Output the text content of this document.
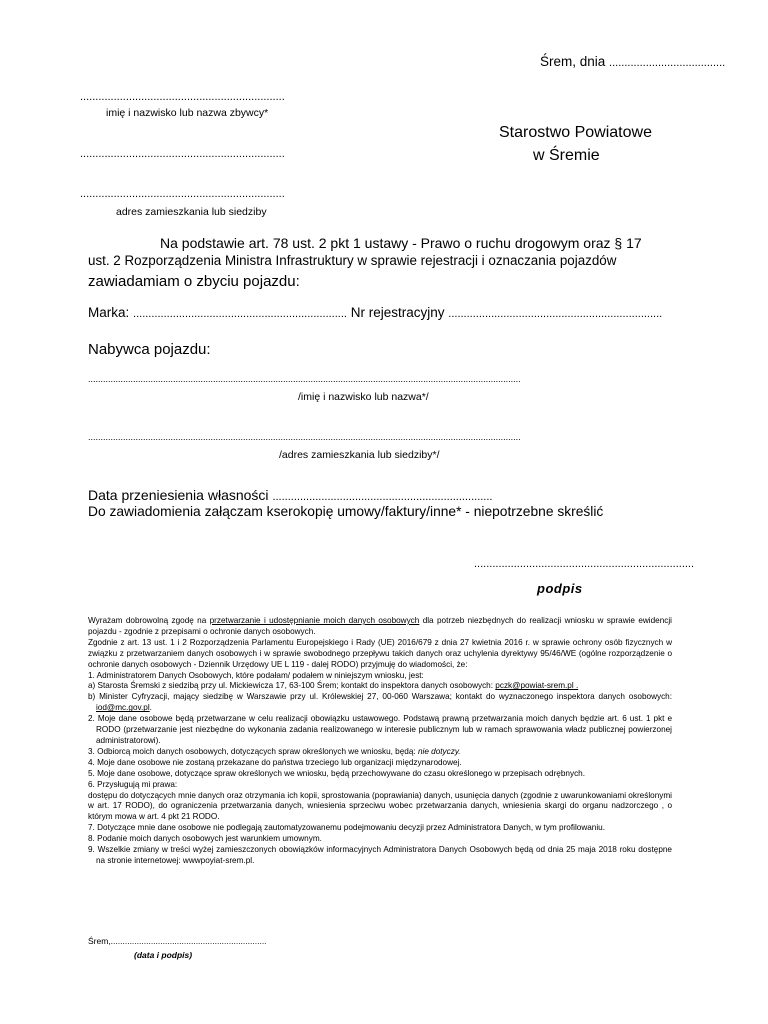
Śrem, dnia ......................................
...................................................................
imię i nazwisko lub nazwa zbywcy*
...................................................................
...................................................................
adres zamieszkania lub siedziby
Starostwo Powiatowe
w Śremie
Na podstawie art. 78 ust. 2 pkt 1 ustawy - Prawo o ruchu drogowym oraz § 17
ust. 2 Rozporządzenia Ministra Infrastruktury w sprawie rejestracji i oznaczania pojazdów
zawiadamiam o zbyciu pojazdu:
Marka: ...................................................................... Nr rejestracyjny ......................................................................
Nabywca pojazdu:
.............................................................................................................................................................................
/imię i nazwisko lub nazwa*/
.............................................................................................................................................................................
/adres zamieszkania lub siedziby*/
Data przeniesienia własności ........................................................................
Do zawiadomienia załączam kserokopię umowy/faktury/inne* - niepotrzebne skreślić
........................................................................
podpis

Wyrażam dobrowolną zgodę na przetwarzanie i udostępnianie moich danych osobowych dla potrzeb niezbędnych do realizacji wniosku w sprawie ewidencji pojazdu - zgodnie z przepisami o ochronie danych osobowych.

Zgodnie z art. 13 ust. 1 i 2 Rozporządzenia Parlamentu Europejskiego i Rady (UE) 2016/679 z dnia 27 kwietnia 2016 r. w sprawie ochrony osób fizycznych w związku z przetwarzaniem danych osobowych i w sprawie swobodnego przepływu takich danych oraz uchylenia dyrektywy 95/46/WE (ogólne rozporządzenie o ochronie danych osobowych - Dziennik Urzędowy UE L 119 - dalej RODO) przyjmuję do wiadomości, że:

1. Administratorem Danych Osobowych, które podałam/ podałem w niniejszym wniosku, jest:

a) Starosta Śremski z siedzibą przy ul. Mickiewicza 17, 63-100 Śrem; kontakt do inspektora danych osobowych: pczk@powiat-srem.pl .

b) Minister Cyfryzacji, mający siedzibę w Warszawie przy ul. Królewskiej 27, 00-060 Warszawa; kontakt do wyznaczonego inspektora danych osobowych: iod@mc.gov.pl.

2. Moje dane osobowe będą przetwarzane w celu realizacji obowiązku ustawowego. Podstawą prawną przetwarzania moich danych będzie art. 6 ust. 1 pkt e RODO (przetwarzanie jest niezbędne do wykonania zadania realizowanego w interesie publicznym lub w ramach sprawowania władz publicznej powierzonej administratorowi).

3. Odbiorcą moich danych osobowych, dotyczących spraw określonych we wniosku, będą: nie dotyczy.

4. Moje dane osobowe nie zostaną przekazane do państwa trzeciego lub organizacji międzynarodowej.

5. Moje dane osobowe, dotyczące spraw określonych we wniosku, będą przechowywane do czasu określonego w przepisach odrębnych.

6. Przysługują mi prawa:

dostępu do dotyczących mnie danych oraz otrzymania ich kopii, sprostowania (poprawiania) danych, usunięcia danych (zgodnie z uwarunkowaniami określonymi w art. 17 RODO), do ograniczenia przetwarzania danych, wniesienia sprzeciwu wobec przetwarzania danych, wniesienia skargi do organu nadzorczego , o którym mowa w art. 4 pkt 21 RODO.

7. Dotyczące mnie dane osobowe nie podlegają zautomatyzowanemu podejmowaniu decyzji przez Administratora Danych, w tym profilowaniu.

8. Podanie moich danych osobowych jest warunkiem umownym.

9. Wszelkie zmiany w treści wyżej zamieszczonych obowiązków informacyjnych Administratora Danych Osobowych będą od dnia 25 maja 2018 roku dostępne na stronie internetowej: wwwpoyiat-srem.pl.

Śrem,..................................................................
(data i podpis)
